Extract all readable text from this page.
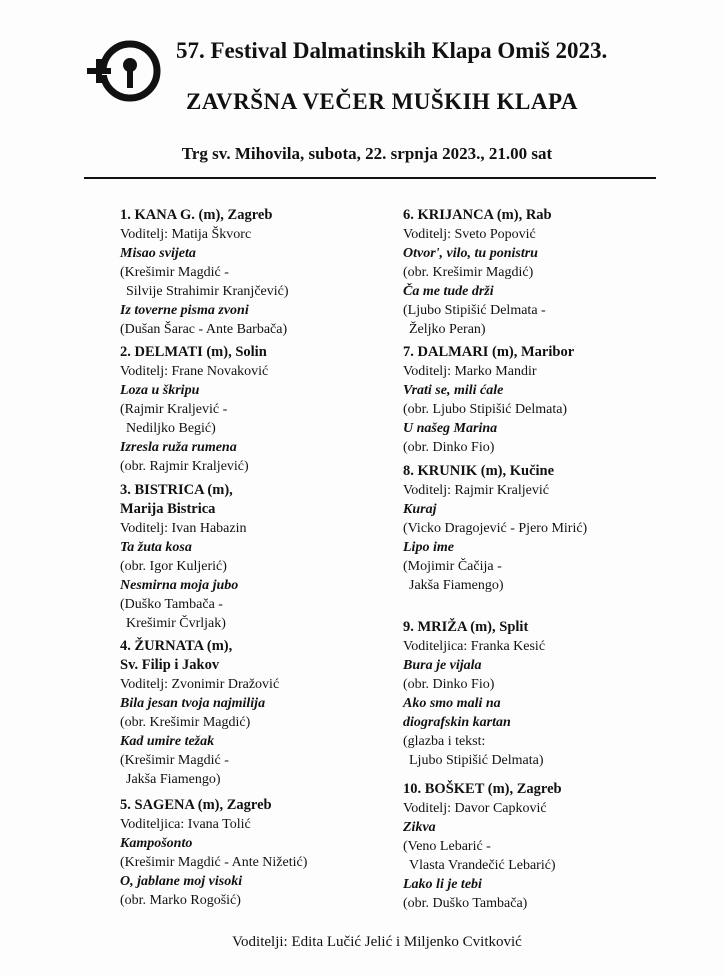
57. Festival Dalmatinskih Klapa Omiš 2023.
ZAVRŠNA VEČER MUŠKIH KLAPA
Trg sv. Mihovila, subota, 22. srpnja 2023., 21.00 sat
1. KANA G. (m), Zagreb
Voditelj: Matija Škvorc
Misao svijeta
(Krešimir Magdić -
Silvije Strahimir Kranjčević)
Iz toverne pisma zvoni
(Dušan Šarac - Ante Barbača)
2. DELMATI (m), Solin
Voditelj: Frane Novaković
Loza u škripu
(Rajmir Kraljević -
Nediljko Begić)
Izresla ruža rumena
(obr. Rajmir Kraljević)
3. BISTRICA (m),
Marija Bistrica
Voditelj: Ivan Habazin
Ta žuta kosa
(obr. Igor Kuljerić)
Nesmirna moja jubo
(Duško Tambača -
Krešimir Čvrljak)
4. ŽURNATA (m),
Sv. Filip i Jakov
Voditelj: Zvonimir Dražović
Bila jesan tvoja najmilija
(obr. Krešimir Magdić)
Kad umire težak
(Krešimir Magdić -
Jakša Fiamengo)
5. SAGENA (m), Zagreb
Voditeljica: Ivana Tolić
Kampošonto
(Krešimir Magdić - Ante Nižetić)
O, jablane moj visoki
(obr. Marko Rogošić)
6. KRIJANCA (m), Rab
Voditelj: Sveto Popović
Otvor', vilo, tu ponistru
(obr. Krešimir Magdić)
Ča me tude drži
(Ljubo Stipišić Delmata -
Željko Peran)
7. DALMARI (m), Maribor
Voditelj: Marko Mandir
Vrati se, mili ćale
(obr. Ljubo Stipišić Delmata)
U našeg Marina
(obr. Dinko Fio)
8. KRUNIK (m), Kučine
Voditelj: Rajmir Kraljević
Kuraj
(Vicko Dragojević - Pjero Mirić)
Lipo ime
(Mojimir Čačija -
Jakša Fiamengo)
9. MRIŽA (m), Split
Voditeljica: Franka Kesić
Bura je vijala
(obr. Dinko Fio)
Ako smo mali na
diografskin kartan
(glazba i tekst:
Ljubo Stipišić Delmata)
10. BOŠKET (m), Zagreb
Voditelj: Davor Capković
Zikva
(Veno Lebarić -
Vlasta Vrandečić Lebarić)
Lako li je tebi
(obr. Duško Tambača)
Voditelji: Edita Lučić Jelić i Miljenko Cvitković
